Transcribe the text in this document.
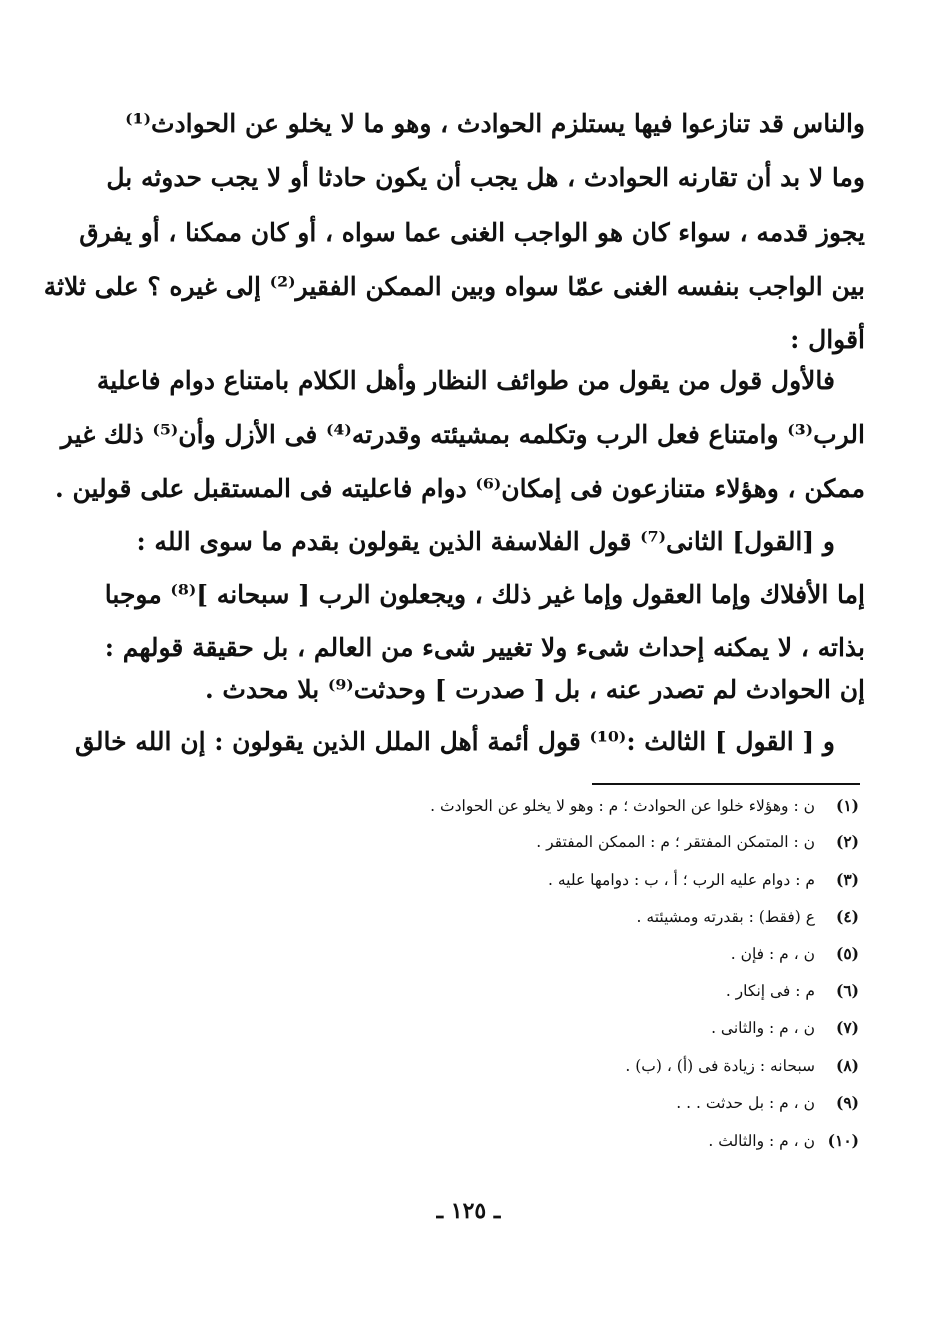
والناس قد تنازعوا فيها يستلزم الحوادث ، وهو ما لا يخلو عن الحوادث⁽¹⁾
وما لا بد أن تقارنه الحوادث ، هل يجب أن يكون حادثا أو لا يجب حدوثه بل
يجوز قدمه ، سواء كان هو الواجب الغنى عما سواه ، أو كان ممكنا ، أو يفرق
بين الواجب بنفسه الغنى عمّا سواه وبين الممكن الفقير⁽²⁾ إلى غيره ؟ على ثلاثة
أقوال :
فالأول قول من يقول من طوائف النظار وأهل الكلام بامتناع دوام فاعلية
الرب⁽³⁾ وامتناع فعل الرب وتكلمه بمشيئته وقدرته⁽⁴⁾ فى الأزل وأن⁽⁵⁾ ذلك غير
ممكن ، وهؤلاء متنازعون فى إمكان⁽⁶⁾ دوام فاعليته فى المستقبل على قولين .
و [القول] الثانى⁽⁷⁾ قول الفلاسفة الذين يقولون بقدم ما سوى الله :
إما الأفلاك وإما العقول وإما غير ذلك ، ويجعلون الرب [ سبحانه ]⁽⁸⁾ موجبا
بذاته ، لا يمكنه إحداث شىء ولا تغيير شىء من العالم ، بل حقيقة قولهم :
إن الحوادث لم تصدر عنه ، بل [ صدرت ] وحدثت⁽⁹⁾ بلا محدث .
و [ القول ] الثالث :⁽¹⁰⁾ قول أئمة أهل الملل الذين يقولون : إن الله خالق
(١)ن : وهؤلاء خلوا عن الحوادث ؛ م : وهو لا يخلو عن الحوادث .
(٢)ن : المتمكن المفتقر ؛ م : الممكن المفتقر .
(٣)م : دوام عليه الرب ؛ أ ، ب : دوامها عليه .
(٤)ع (فقط) : بقدرته ومشيئته .
(٥)ن ، م : فإن .
(٦)م : فى إنكار .
(٧)ن ، م : والثانى .
(٨)سبحانه : زيادة فى (أ) ، (ب) .
(٩)ن ، م : بل حدثت . . .
(١٠)ن ، م : والثالث .
ـ ١٢٥ ـ
